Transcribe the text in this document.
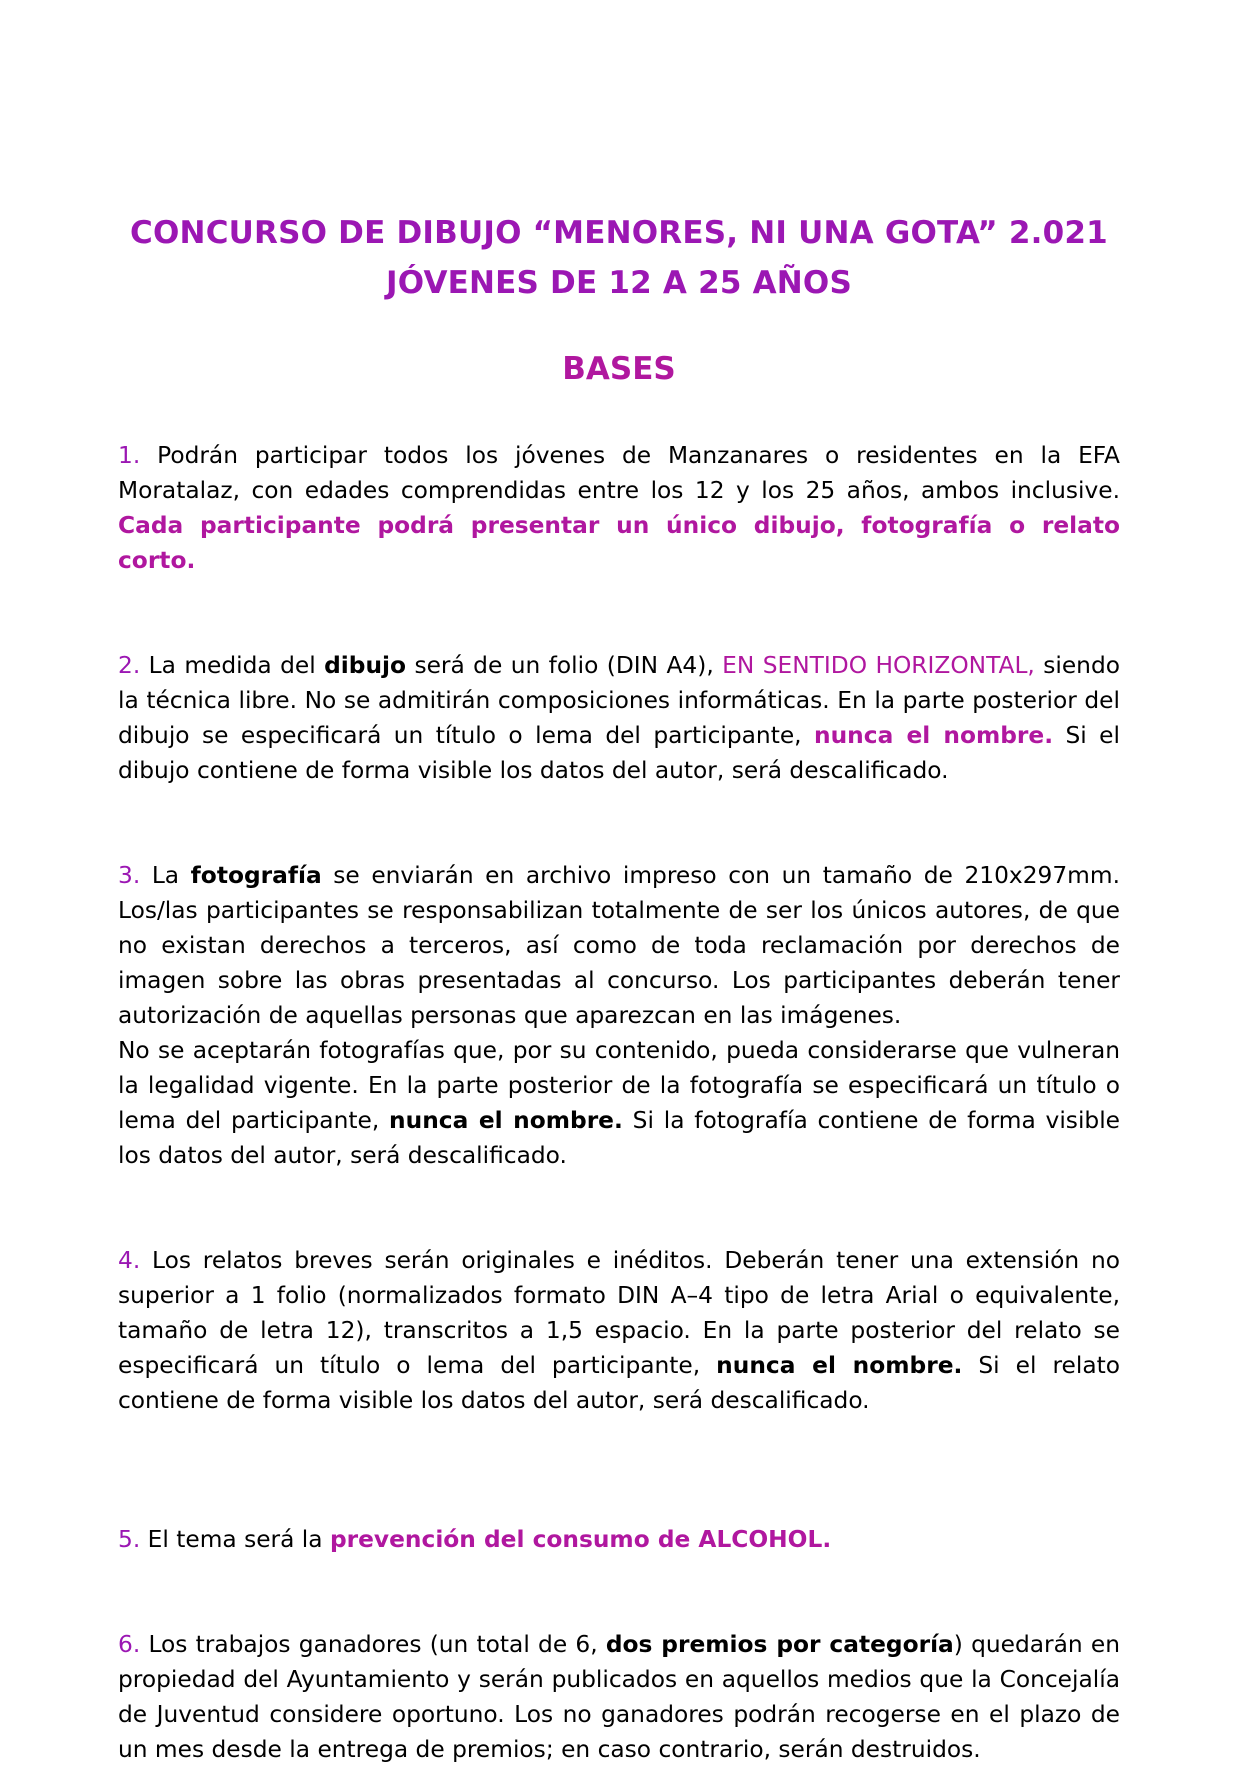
CONCURSO DE DIBUJO “MENORES, NI UNA GOTA” 2.021
JÓVENES DE 12 A 25 AÑOS
BASES

1. Podrán participar todos los jóvenes de Manzanares o residentes en la EFA Moratalaz, con edades comprendidas entre los 12 y los 25 años, ambos inclusive. Cada participante podrá presentar un único dibujo, fotografía o relato corto.

2. La medida del dibujo será de un folio (DIN A4), EN SENTIDO HORIZONTAL, siendo la técnica libre. No se admitirán composiciones informáticas. En la parte posterior del dibujo se especificará un título o lema del participante, nunca el nombre. Si el dibujo contiene de forma visible los datos del autor, será descalificado.

3. La fotografía se enviarán en archivo impreso con un tamaño de 210x297mm. Los/las participantes se responsabilizan totalmente de ser los únicos autores, de que no existan derechos a terceros, así como de toda reclamación por derechos de imagen sobre las obras presentadas al concurso. Los participantes deberán tener autorización de aquellas personas que aparezcan en las imágenes.
No se aceptarán fotografías que, por su contenido, pueda considerarse que vulneran la legalidad vigente. En la parte posterior de la fotografía se especificará un título o lema del participante, nunca el nombre. Si la fotografía contiene de forma visible los datos del autor, será descalificado.

4. Los relatos breves serán originales e inéditos. Deberán tener una extensión no superior a 1 folio (normalizados formato DIN A–4 tipo de letra Arial o equivalente, tamaño de letra 12), transcritos a 1,5 espacio. En la parte posterior del relato se especificará un título o lema del participante, nunca el nombre. Si el relato contiene de forma visible los datos del autor, será descalificado.

5. El tema será la prevención del consumo de ALCOHOL.

6. Los trabajos ganadores (un total de 6, dos premios por categoría) quedarán en propiedad del Ayuntamiento y serán publicados en aquellos medios que la Concejalía de Juventud considere oportuno. Los no ganadores podrán recogerse en el plazo de un mes desde la entrega de premios; en caso contrario, serán destruidos.
